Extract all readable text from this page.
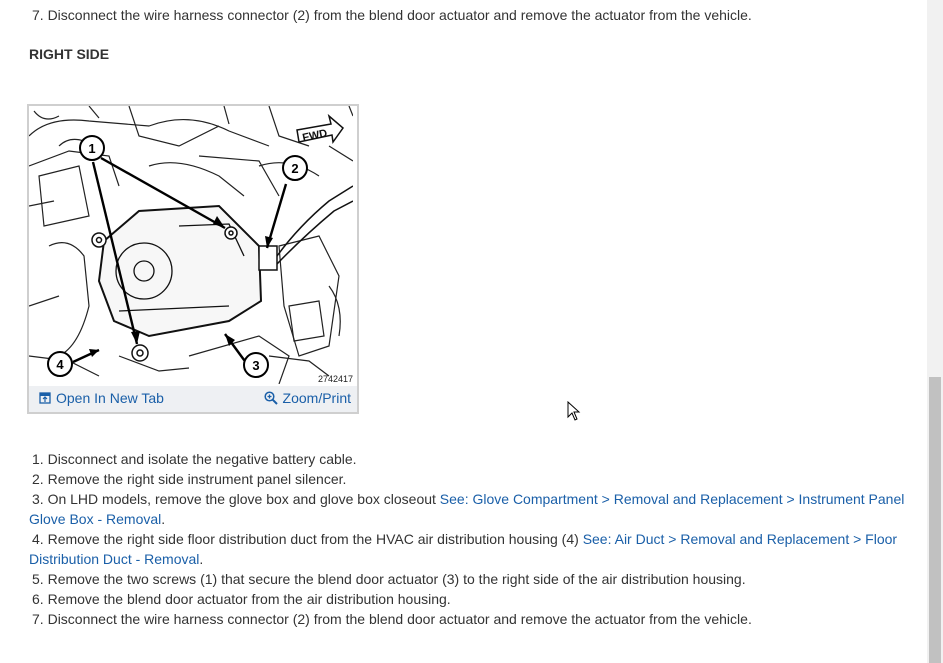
7. Disconnect the wire harness connector (2) from the blend door actuator and remove the actuator from the vehicle.
RIGHT SIDE
FWD
1
2
3
4
2742417
Open In New Tab	Zoom/Print
1. Disconnect and isolate the negative battery cable.
2. Remove the right side instrument panel silencer.
3. On LHD models, remove the glove box and glove box closeout See: Glove Compartment > Removal and Replacement > Instrument Panel Glove Box - Removal.
4. Remove the right side floor distribution duct from the HVAC air distribution housing (4) See: Air Duct > Removal and Replacement > Floor Distribution Duct - Removal.
5. Remove the two screws (1) that secure the blend door actuator (3) to the right side of the air distribution housing.
6. Remove the blend door actuator from the air distribution housing.
7. Disconnect the wire harness connector (2) from the blend door actuator and remove the actuator from the vehicle.
